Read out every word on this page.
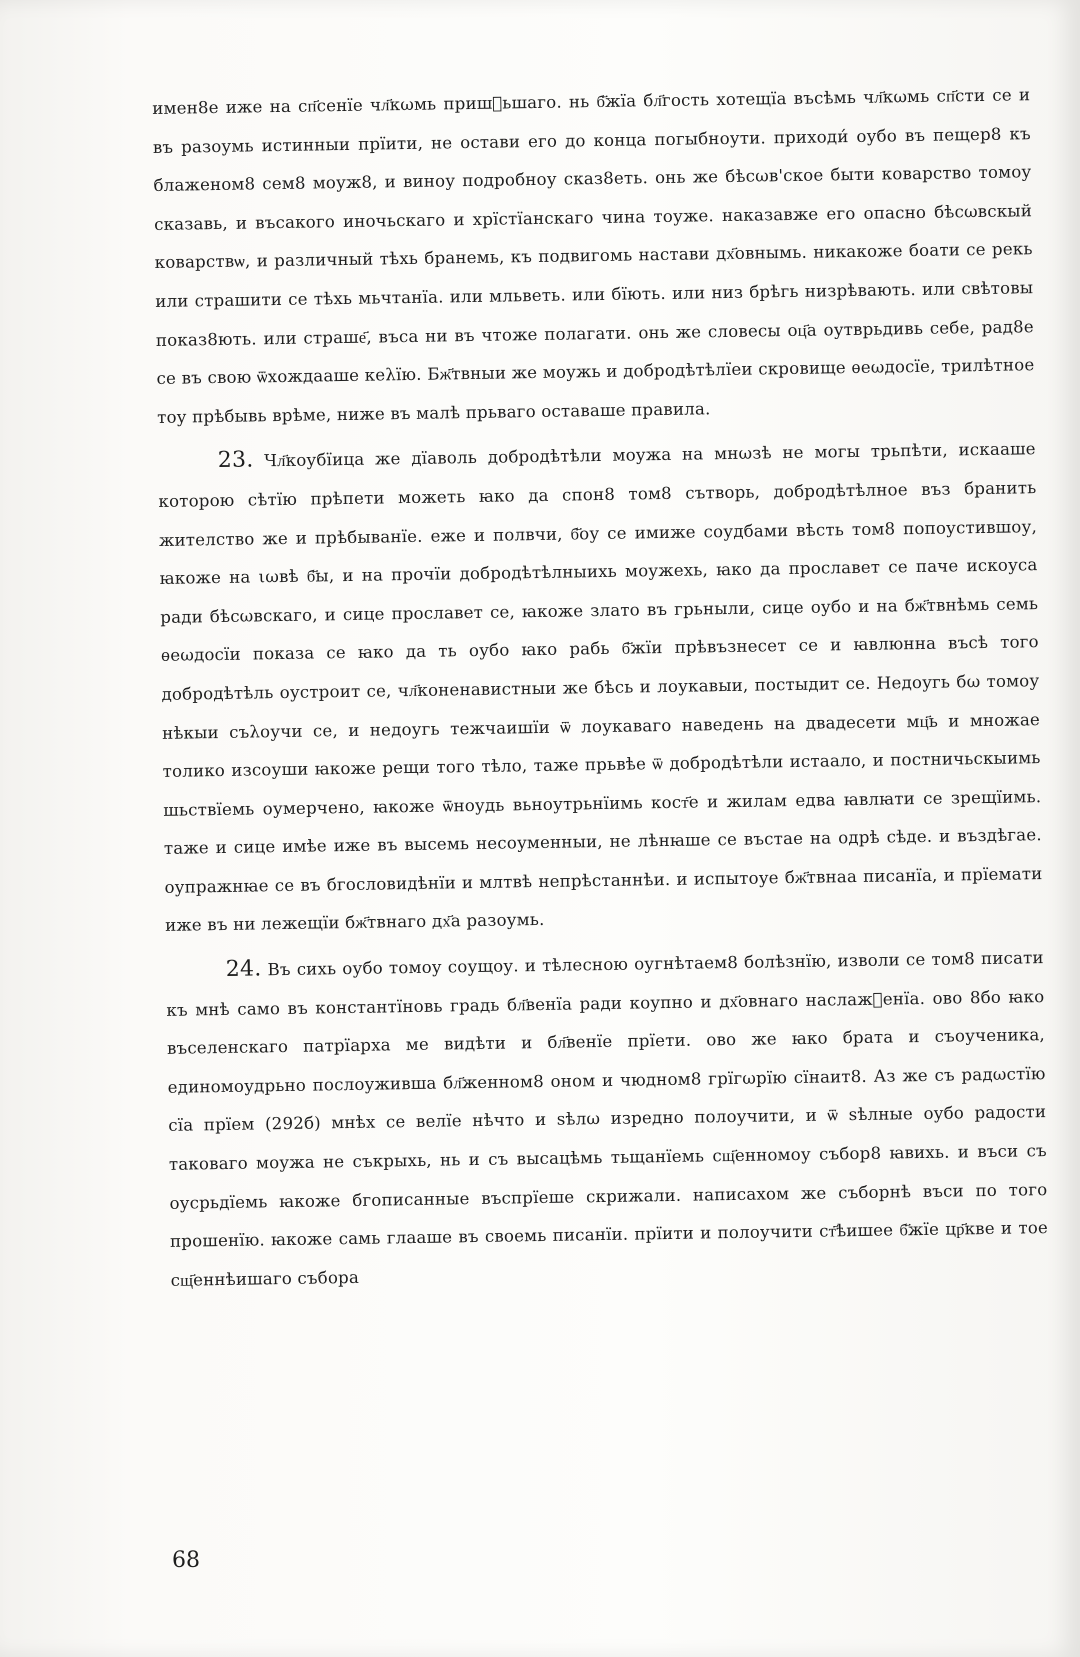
имен8е иже на сп҃сенїе чл҃кωмь пришⷣьшаго. нь б҃жїа бл҃гость хотещїа въсѣмь чл҃кωмь сп҃сти се и въ разоумь истинныи прїити, не остави его до конца погыбноути. приходи́ оубо въ пещер8 къ блаженом8 сем8 моуж8, и виноу подробноу сказ8еть. онь же бѣсωв'ское быти коварство томоу сказавь, и въсакого иночьскаго и хрїстїанскаго чина тоуже. наказавже его опасно бѣсωвскый коварствѡ, и различный тѣхь бранемь, къ подвигомь настави дх҃овнымь. никакоже боати се рекь или страшити се тѣхь мьчтанїа. или мльветь. или бїють. или низ брѣгь низрѣвають. или свѣтовы показ8ють. или страше҃, въса ни въ чтоже полагати. онь же словесы оц҃а оутврьдивь себе, рад8е се въ свою ѿхождааше кеλїю. Бж҃твныи же моужь и добродѣтѣлїеи скровище ѳеωдосїе, трилѣтное тоу прѣбывь врѣме, ниже въ малѣ прьваго оставаше правила.

23. Чл҃коубїица же дїаволь добродѣтѣли моужа на мнωзѣ не могы трьпѣти, искааше которою сѣтїю прѣпети можеть ꙗко да спон8 том8 сътворь, добродѣтѣлное въз бранить жителство же и прѣбыванїе. еже и полвчи, б҃оу се имиже соудбами вѣсть том8 попоустившоу, ꙗкоже на ιωвѣ б҃ы, и на прочїи добродѣтѣлныихь моужехь, ꙗко да прославет се паче искоуса ради бѣсωвскаго, и сице прославет се, ꙗкоже злато въ грьныли, сице оубо и на бж҃твнѣмь семь ѳеωдосїи показа се ꙗко да ть оубо ꙗко рабь б҃жїи прѣвъзнесет се и ꙗвлюнна въсѣ того добродѣтѣль оустроит се, чл҃коненавистныи же бѣсь и лоукавыи, постыдит се. Недоугь бω томоу нѣкыи съλоучи се, и недоугь тежчаишїи ѿ лоукаваго наведень на двадесети мц҃ь и множае толико изсоуши ꙗкоже рещи того тѣло, таже прьвѣе ѿ добродѣтѣли истаало, и постничьскыимь шьствїемь оумерчено, ꙗкоже ѿноудь вьноутрьнїимь кост҃е и жилам едва ꙗвлꙗти се зрещїимь. таже и сице имѣе иже въ высемь несоуменныи, не лѣнꙗше се въстае на одрѣ сѣде. и въздѣгае. оупражнꙗе се въ бгословидѣнїи и млтвѣ непрѣстаннѣи. и испытоуе бж҃твнаа писанїа, и прїемати иже въ ни лежещїи бж҃твнаго дх҃а разоумь.

24. Въ сихь оубо томоу соущоу. и тѣлесною оугнѣтаем8 болѣзнїю, изволи се том8 писати къ мнѣ само въ константїновь градь бл҃венїа ради коупно и дх҃овнаго наслажⷷенїа. ово 8бо ꙗко въселенскаго патрїарха ме видѣти и бл҃венїе прїети. ово же ꙗко брата и съоученика, единомоудрьно послоуживша бл҃женном8 оном и чюдном8 грїгωрїю сїнаит8. Аз же съ радωстїю сїа прїем (292б) мнѣх се велїе нѣчто и sѣлω изредно полоучити, и ѿ sѣлные оубо радости таковаго моужа не съкрыхь, нь и съ высацѣмь тьщанїемь сщ҃енномоу събор8 ꙗвихь. и въси съ оусрьдїемь ꙗкоже бгописанные въспрїеше скрижали. написахом же съборнѣ въси по того прошенїю. ꙗкоже самь глааше въ своемь писанїи. прїити и полоучити ст҃ѣишее б҃жїе цр҃кве и тое сщ҃еннѣишаго събора

68
